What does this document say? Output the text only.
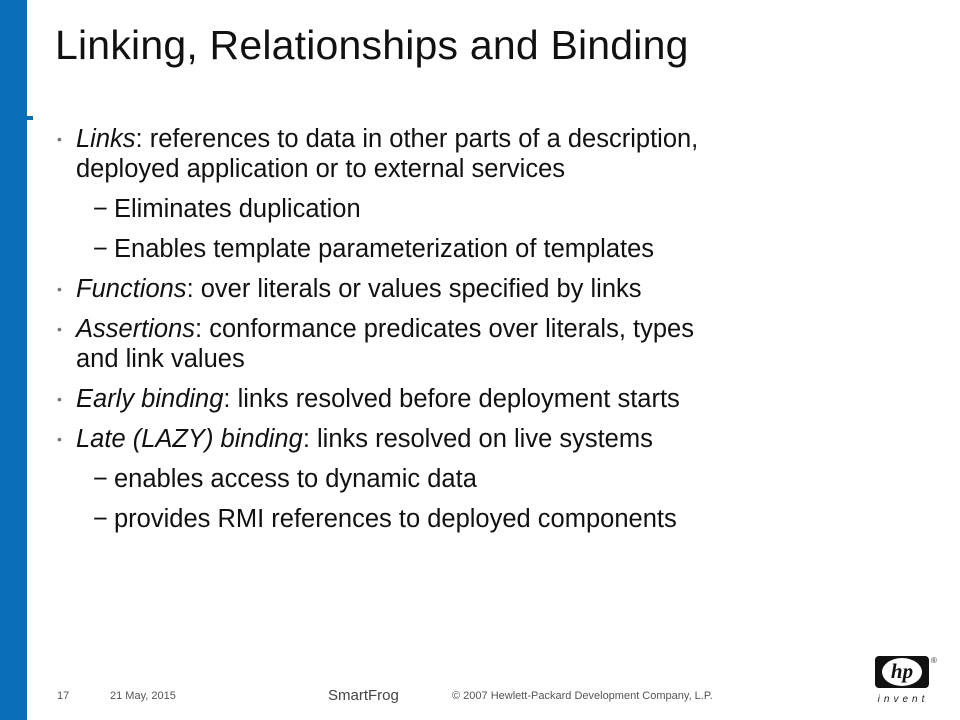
Linking, Relationships and Binding
• Links: references to data in other parts of a description,
deployed application or to external services
− Eliminates duplication
− Enables template parameterization of templates
• Functions: over literals or values specified by links
• Assertions: conformance predicates over literals, types
and link values
• Early binding: links resolved before deployment starts
• Late (LAZY) binding: links resolved on live systems
− enables access to dynamic data
− provides RMI references to deployed components
17	21 May, 2015	SmartFrog	© 2007 Hewlett-Packard Development Company, L.P.
hp	®
invent
